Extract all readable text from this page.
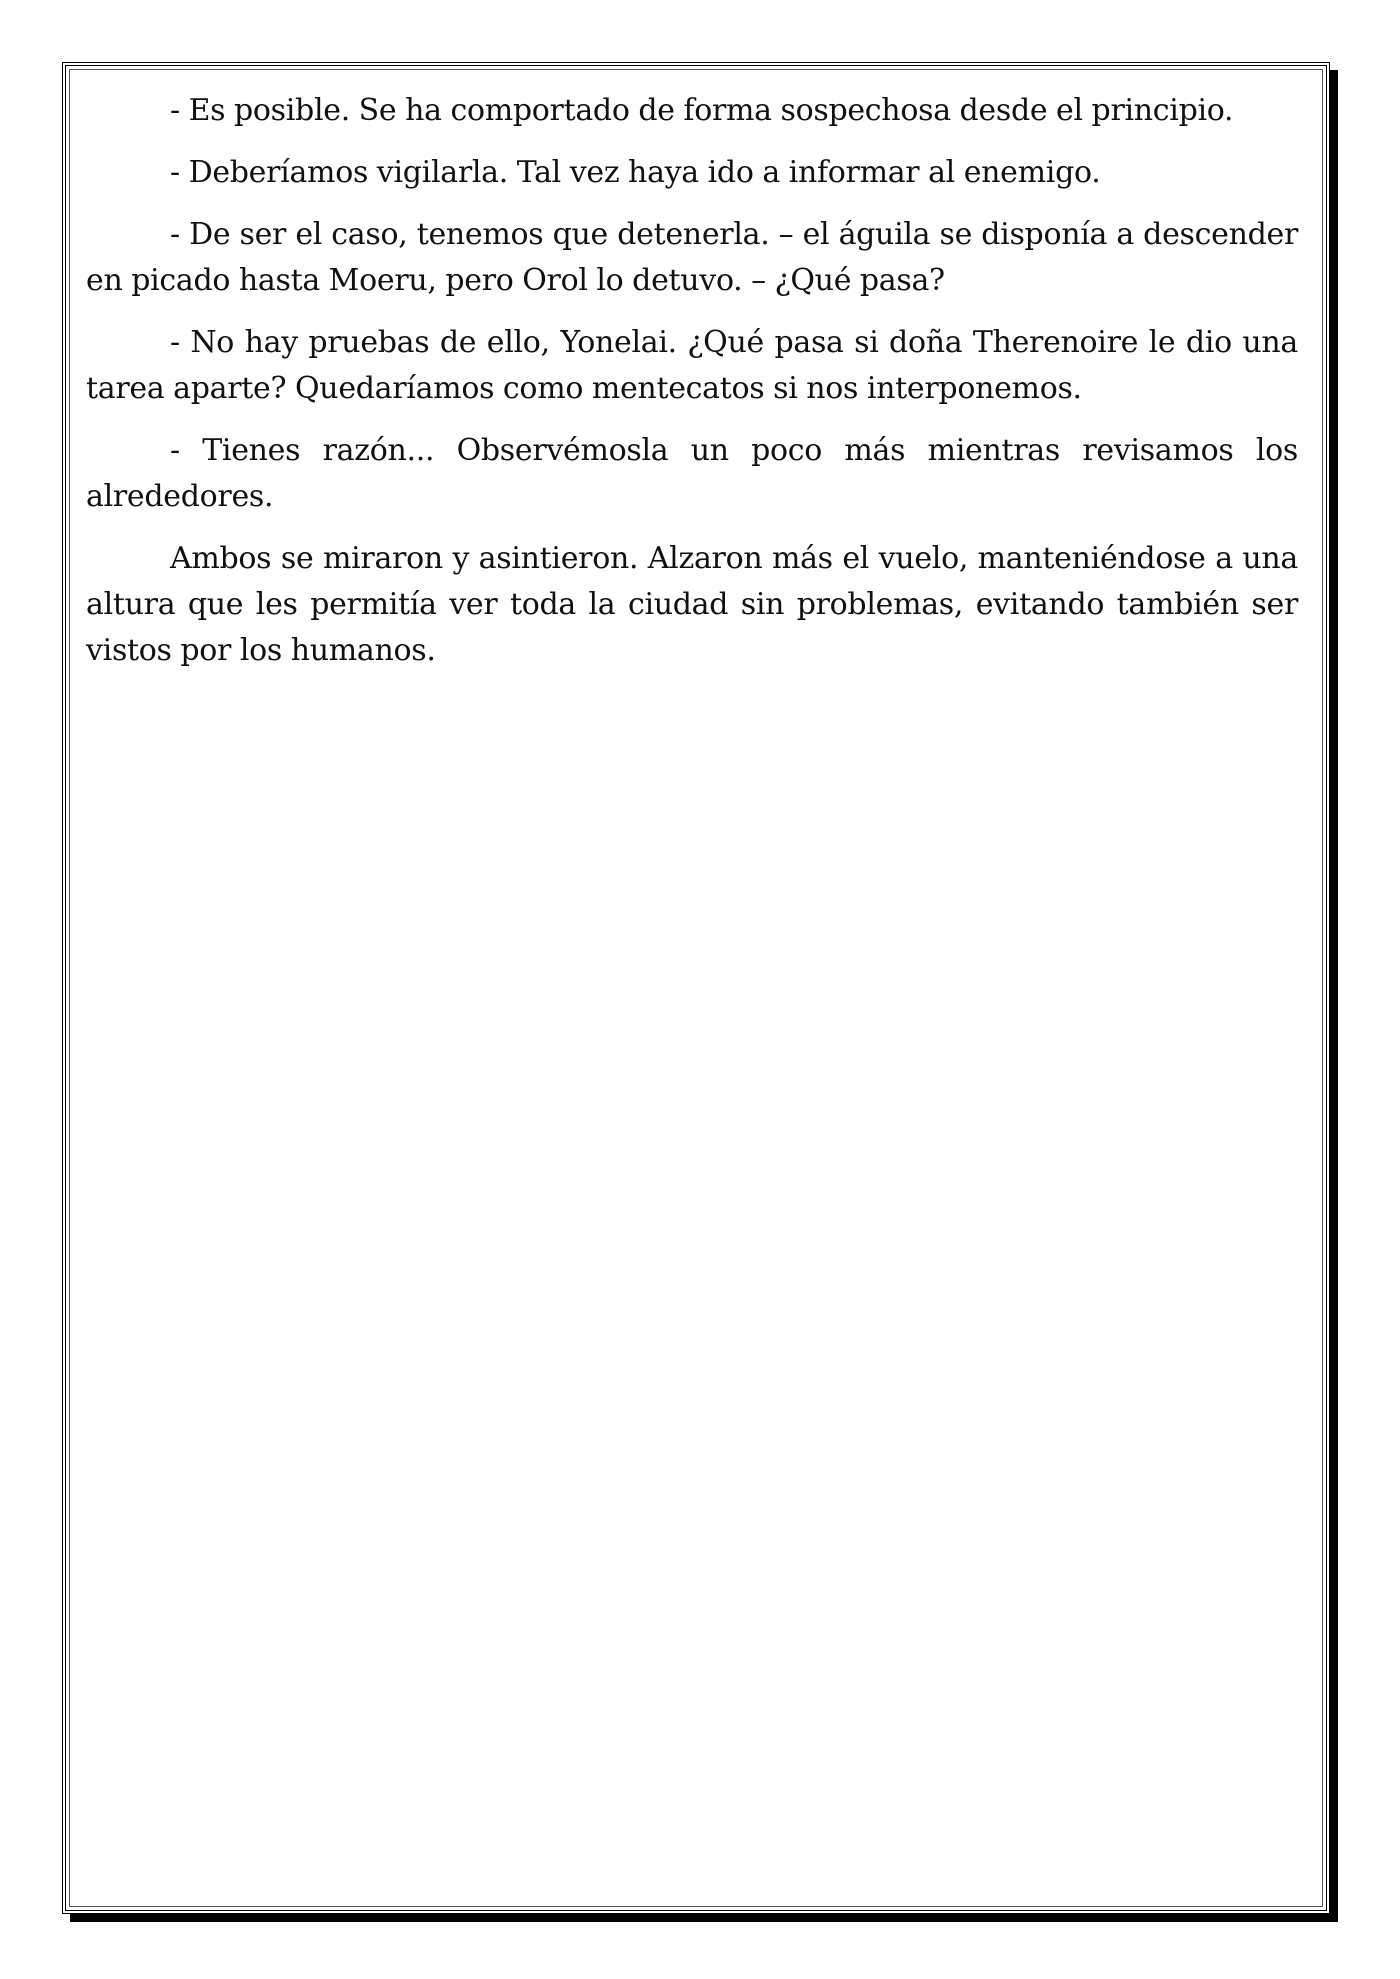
- Es posible. Se ha comportado de forma sospechosa desde el principio.

- Deberíamos vigilarla. Tal vez haya ido a informar al enemigo.

- De ser el caso, tenemos que detenerla. – el águila se disponía a descender en picado hasta Moeru, pero Orol lo detuvo. – ¿Qué pasa?

- No hay pruebas de ello, Yonelai. ¿Qué pasa si doña Therenoire le dio una tarea aparte? Quedaríamos como mentecatos si nos interponemos.

- Tienes razón... Observémosla un poco más mientras revisamos los alrededores.

Ambos se miraron y asintieron. Alzaron más el vuelo, manteniéndose a una altura que les permitía ver toda la ciudad sin problemas, evitando también ser vistos por los humanos.
